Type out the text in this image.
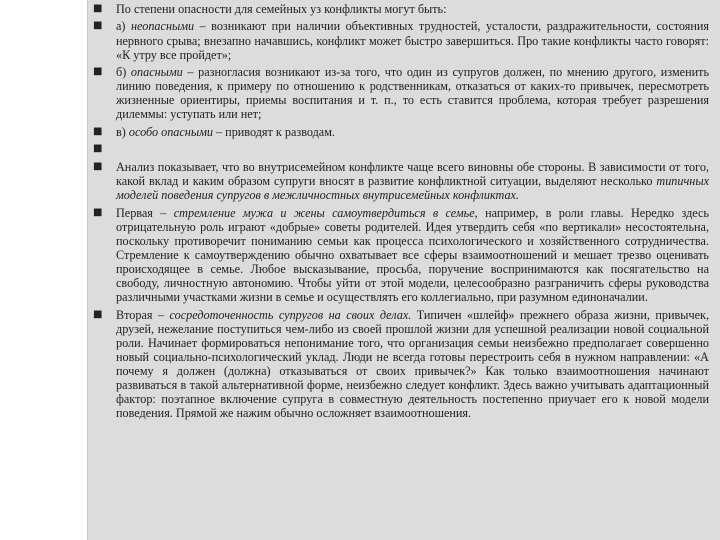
■ По степени опасности для семейных уз конфликты могут быть:
■ а) неопасными – возникают при наличии объективных трудностей, усталости, раздражительности, состояния нервного срыва; внезапно начавшись, конфликт может быстро завершиться. Про такие конфликты часто говорят: «К утру все пройдет»;
■ б) опасными – разногласия возникают из-за того, что один из супругов должен, по мнению другого, изменить линию поведения, к примеру по отношению к родственникам, отказаться от каких-то привычек, пересмотреть жизненные ориентиры, приемы воспитания и т. п., то есть ставится проблема, которая требует разрешения дилеммы: уступать или нет;
■ в) особо опасными – приводят к разводам.
■
■ Анализ показывает, что во внутрисемейном конфликте чаще всего виновны обе стороны. В зависимости от того, какой вклад и каким образом супруги вносят в развитие конфликтной ситуации, выделяют несколько типичных моделей поведения супругов в межличностных внутрисемейных конфликтах.
■ Первая – стремление мужа и жены самоутвердиться в семье, например, в роли главы. Нередко здесь отрицательную роль играют «добрые» советы родителей. Идея утвердить себя «по вертикали» несостоятельна, поскольку противоречит пониманию семьи как процесса психологического и хозяйственного сотрудничества. Стремление к самоутверждению обычно охватывает все сферы взаимоотношений и мешает трезво оценивать происходящее в семье. Любое высказывание, просьба, поручение воспринимаются как посягательство на свободу, личностную автономию. Чтобы уйти от этой модели, целесообразно разграничить сферы руководства различными участками жизни в семье и осуществлять его коллегиально, при разумном единоначалии.
■ Вторая – сосредоточенность супругов на своих делах. Типичен «шлейф» прежнего образа жизни, привычек, друзей, нежелание поступиться чем-либо из своей прошлой жизни для успешной реализации новой социальной роли. Начинает формироваться непонимание того, что организация семьи неизбежно предполагает совершенно новый социально-психологический уклад. Люди не всегда готовы перестроить себя в нужном направлении: «А почему я должен (должна) отказываться от своих привычек?» Как только взаимоотношения начинают развиваться в такой альтернативной форме, неизбежно следует конфликт. Здесь важно учитывать адаптационный фактор: поэтапное включение супруга в совместную деятельность постепенно приучает его к новой модели поведения. Прямой же нажим обычно осложняет взаимоотношения.
